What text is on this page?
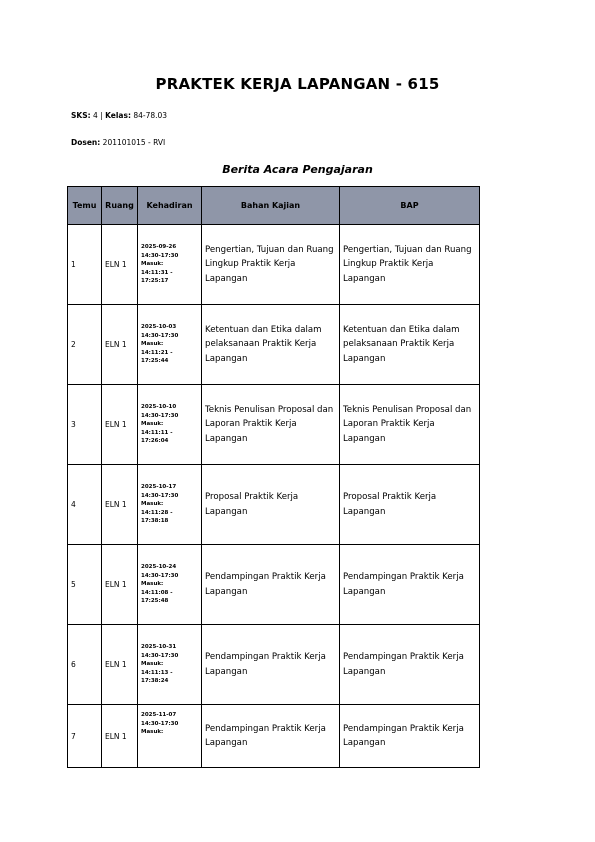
PRAKTEK KERJA LAPANGAN - 615
SKS: 4 | Kelas: 84-78.03
Dosen: 201101015 - RVI
Berita Acara Pengajaran
Temu	Ruang	Kehadiran	Bahan Kajian	BAP
1	ELN 1	2025-09-26
14:30-17:30
Masuk:
14:11:31 -
17:25:17	Pengertian, Tujuan dan Ruang Lingkup Praktik Kerja Lapangan	Pengertian, Tujuan dan Ruang Lingkup Praktik Kerja Lapangan
2	ELN 1	2025-10-03
14:30-17:30
Masuk:
14:11:21 -
17:25:44	Ketentuan dan Etika dalam pelaksanaan Praktik Kerja Lapangan	Ketentuan dan Etika dalam pelaksanaan Praktik Kerja Lapangan
3	ELN 1	2025-10-10
14:30-17:30
Masuk:
14:11:11 -
17:26:04	Teknis Penulisan Proposal dan Laporan Praktik Kerja Lapangan	Teknis Penulisan Proposal dan Laporan Praktik Kerja Lapangan
4	ELN 1	2025-10-17
14:30-17:30
Masuk:
14:11:28 -
17:38:18	Proposal Praktik Kerja Lapangan	Proposal Praktik Kerja Lapangan
5	ELN 1	2025-10-24
14:30-17:30
Masuk:
14:11:08 -
17:25:48	Pendampingan Praktik Kerja Lapangan	Pendampingan Praktik Kerja Lapangan
6	ELN 1	2025-10-31
14:30-17:30
Masuk:
14:11:13 -
17:38:24	Pendampingan Praktik Kerja Lapangan	Pendampingan Praktik Kerja Lapangan
7	ELN 1	2025-11-07
14:30-17:30
Masuk:	Pendampingan Praktik Kerja Lapangan	Pendampingan Praktik Kerja Lapangan
